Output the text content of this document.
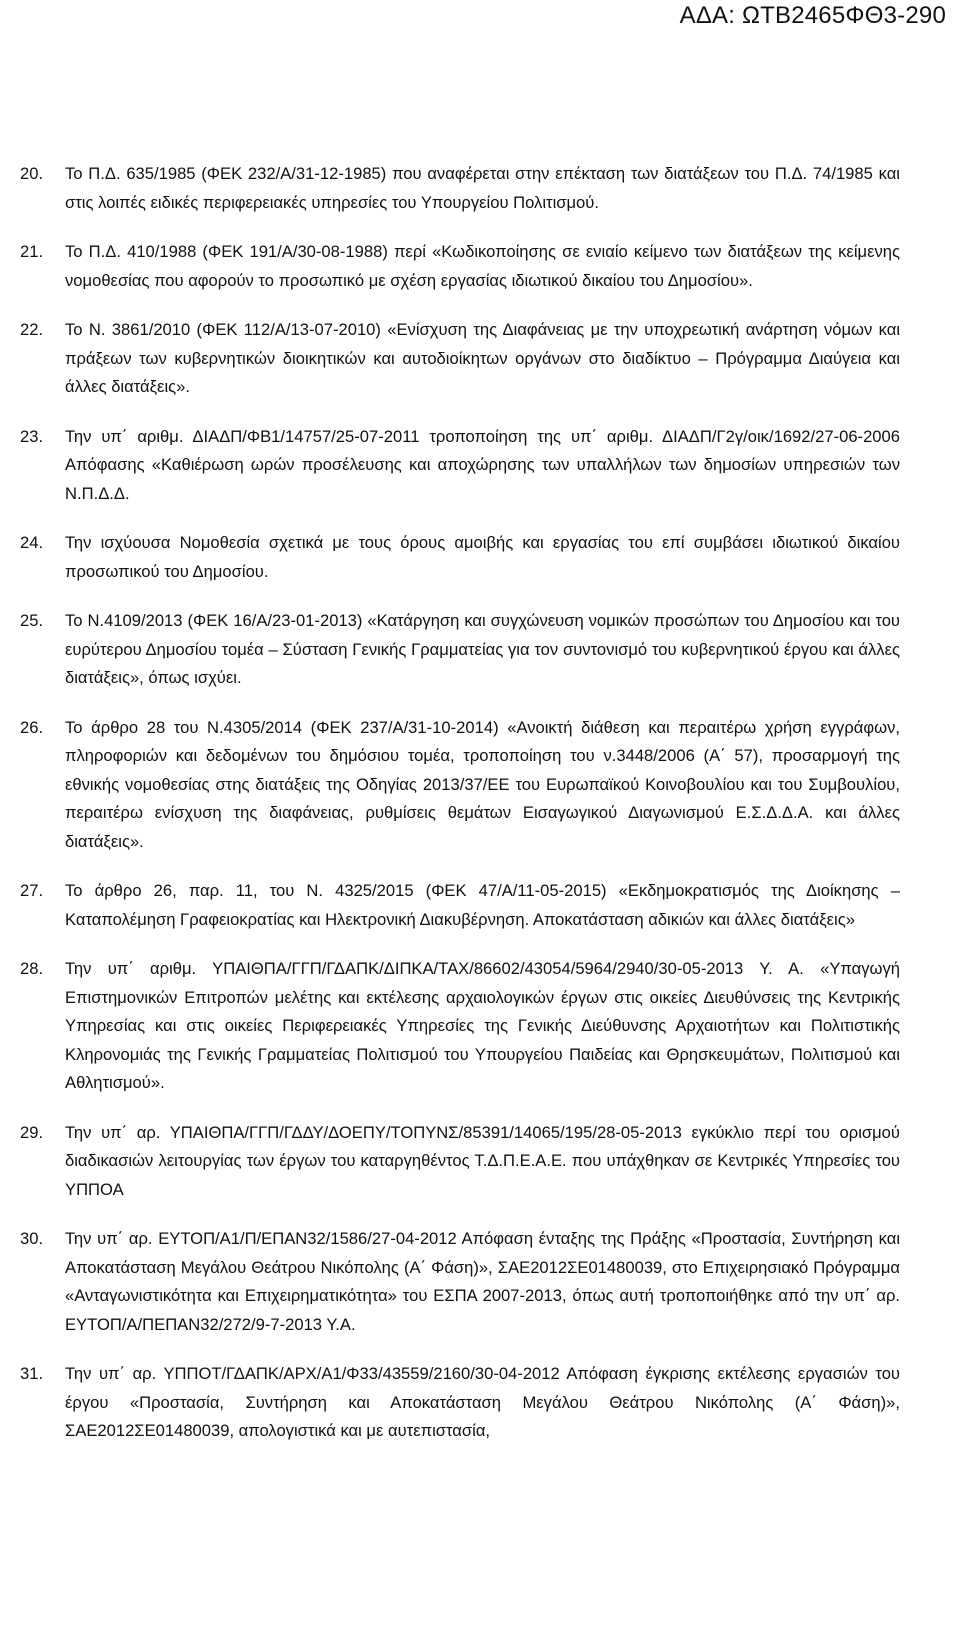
ΑΔΑ: ΩΤΒ2465ΦΘ3-290
20.	Το Π.Δ. 635/1985 (ΦΕΚ 232/Α/31-12-1985) που αναφέρεται στην επέκταση των διατάξεων του Π.Δ. 74/1985 και στις λοιπές ειδικές περιφερειακές υπηρεσίες του Υπουργείου Πολιτισμού.
21.	Το Π.Δ. 410/1988 (ΦΕΚ 191/Α/30-08-1988) περί «Κωδικοποίησης σε ενιαίο κείμενο των διατάξεων της κείμενης νομοθεσίας που αφορούν το προσωπικό με σχέση εργασίας ιδιωτικού δικαίου του Δημοσίου».
22.	Το Ν. 3861/2010 (ΦΕΚ 112/Α/13-07-2010) «Ενίσχυση της Διαφάνειας με την υποχρεωτική ανάρτηση νόμων και πράξεων των κυβερνητικών διοικητικών και αυτοδιοίκητων οργάνων στο διαδίκτυο – Πρόγραμμα Διαύγεια και άλλες διατάξεις».
23.	Την υπ΄ αριθμ. ΔΙΑΔΠ/ΦΒ1/14757/25-07-2011 τροποποίηση της υπ΄ αριθμ. ΔΙΑΔΠ/Γ2γ/οικ/1692/27-06-2006 Απόφασης «Καθιέρωση ωρών προσέλευσης και αποχώρησης των υπαλλήλων των δημοσίων υπηρεσιών των Ν.Π.Δ.Δ.
24.	Την ισχύουσα Νομοθεσία σχετικά με τους όρους αμοιβής και εργασίας του επί συμβάσει ιδιωτικού δικαίου προσωπικού του Δημοσίου.
25.	Το Ν.4109/2013 (ΦΕΚ 16/Α/23-01-2013) «Κατάργηση και συγχώνευση νομικών προσώπων του Δημοσίου και του ευρύτερου Δημοσίου τομέα – Σύσταση Γενικής Γραμματείας για τον συντονισμό του κυβερνητικού έργου και άλλες διατάξεις», όπως ισχύει.
26.	Το άρθρο 28 του Ν.4305/2014 (ΦΕΚ 237/Α/31-10-2014) «Ανοικτή διάθεση και περαιτέρω χρήση εγγράφων, πληροφοριών και δεδομένων του δημόσιου τομέα, τροποποίηση του ν.3448/2006 (Α΄ 57), προσαρμογή της εθνικής νομοθεσίας στης διατάξεις της Οδηγίας 2013/37/ΕΕ του Ευρωπαϊκού Κοινοβουλίου και του Συμβουλίου, περαιτέρω ενίσχυση της διαφάνειας, ρυθμίσεις θεμάτων Εισαγωγικού Διαγωνισμού Ε.Σ.Δ.Δ.Α. και άλλες διατάξεις».
27.	Το άρθρο 26, παρ. 11, του Ν. 4325/2015 (ΦΕΚ 47/Α/11-05-2015) «Εκδημοκρατισμός της Διοίκησης – Καταπολέμηση Γραφειοκρατίας και Ηλεκτρονική Διακυβέρνηση. Αποκατάσταση αδικιών και άλλες διατάξεις»
28.	Την υπ΄ αριθμ. ΥΠΑΙΘΠΑ/ΓΓΠ/ΓΔΑΠΚ/ΔΙΠΚΑ/ΤΑΧ/86602/43054/5964/2940/30-05-2013 Υ. Α. «Υπαγωγή Επιστημονικών Επιτροπών μελέτης και εκτέλεσης αρχαιολογικών έργων στις οικείες Διευθύνσεις της Κεντρικής Υπηρεσίας και στις οικείες Περιφερειακές Υπηρεσίες της Γενικής Διεύθυνσης Αρχαιοτήτων και Πολιτιστικής Κληρονομιάς της Γενικής Γραμματείας Πολιτισμού του Υπουργείου Παιδείας και Θρησκευμάτων, Πολιτισμού και Αθλητισμού».
29.	Την υπ΄ αρ. ΥΠΑΙΘΠΑ/ΓΓΠ/ΓΔΔΥ/ΔΟΕΠΥ/ΤΟΠΥΝΣ/85391/14065/195/28-05-2013 εγκύκλιο περί του ορισμού διαδικασιών λειτουργίας των έργων του καταργηθέντος Τ.Δ.Π.Ε.Α.Ε. που υπάχθηκαν σε Κεντρικές Υπηρεσίες του ΥΠΠΟΑ
30.	Την υπ΄ αρ. ΕΥΤΟΠ/Α1/Π/ΕΠΑΝ32/1586/27-04-2012 Απόφαση ένταξης της Πράξης «Προστασία, Συντήρηση και Αποκατάσταση Μεγάλου Θεάτρου Νικόπολης (Α΄ Φάση)», ΣΑΕ2012ΣΕ01480039, στο Επιχειρησιακό Πρόγραμμα «Ανταγωνιστικότητα και Επιχειρηματικότητα» του ΕΣΠΑ 2007-2013, όπως αυτή τροποποιήθηκε από την υπ΄ αρ. ΕΥΤΟΠ/Α/ΠΕΠΑΝ32/272/9-7-2013 Υ.Α.
31.	Την υπ΄ αρ. ΥΠΠΟΤ/ΓΔΑΠΚ/ΑΡΧ/Α1/Φ33/43559/2160/30-04-2012 Απόφαση έγκρισης εκτέλεσης εργασιών του έργου «Προστασία, Συντήρηση και Αποκατάσταση Μεγάλου Θεάτρου Νικόπολης (Α΄ Φάση)», ΣΑΕ2012ΣΕ01480039, απολογιστικά και με αυτεπιστασία,
